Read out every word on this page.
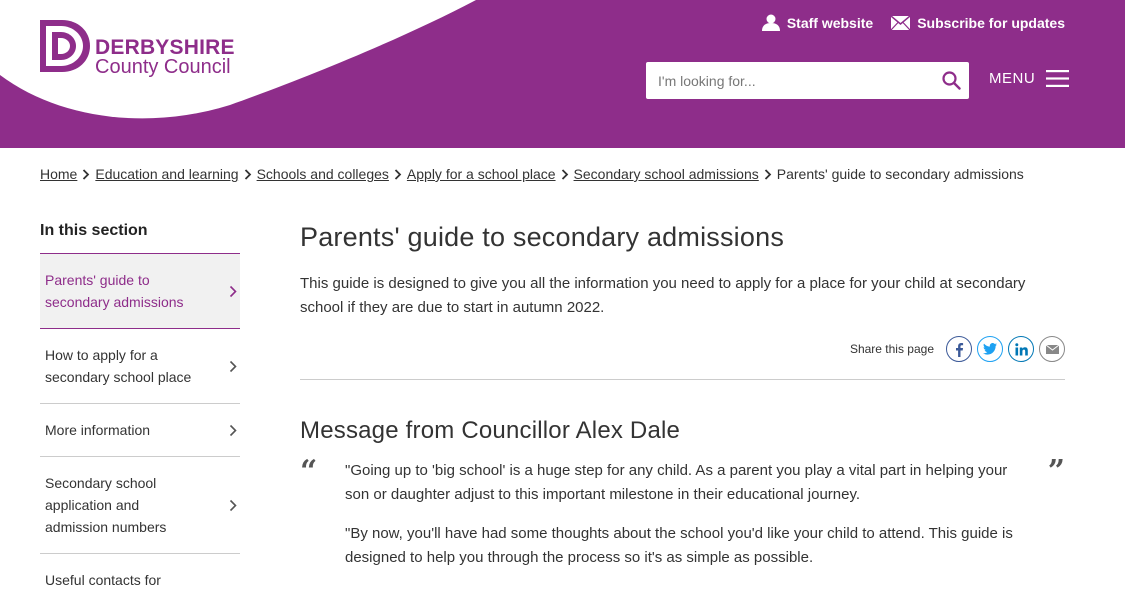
DERBYSHIRE
County Council
Staff website	Subscribe for updates
I'm looking for...
MENU
Home Education and learning Schools and colleges Apply for a school place Secondary school admissions Parents' guide to secondary admissions
In this section
Parents' guide to secondary admissions
How to apply for a secondary school place
More information
Secondary school application and admission numbers
Useful contacts for
Parents' guide to secondary admissions

This guide is designed to give you all the information you need to apply for a place for your child at secondary school if they are due to start in autumn 2022.

Share this page
Message from Councillor Alex Dale
“	”

"Going up to 'big school' is a huge step for any child. As a parent you play a vital part in helping your son or daughter adjust to this important milestone in their educational journey.

"By now, you'll have had some thoughts about the school you'd like your child to attend. This guide is designed to help you through the process so it's as simple as possible.
